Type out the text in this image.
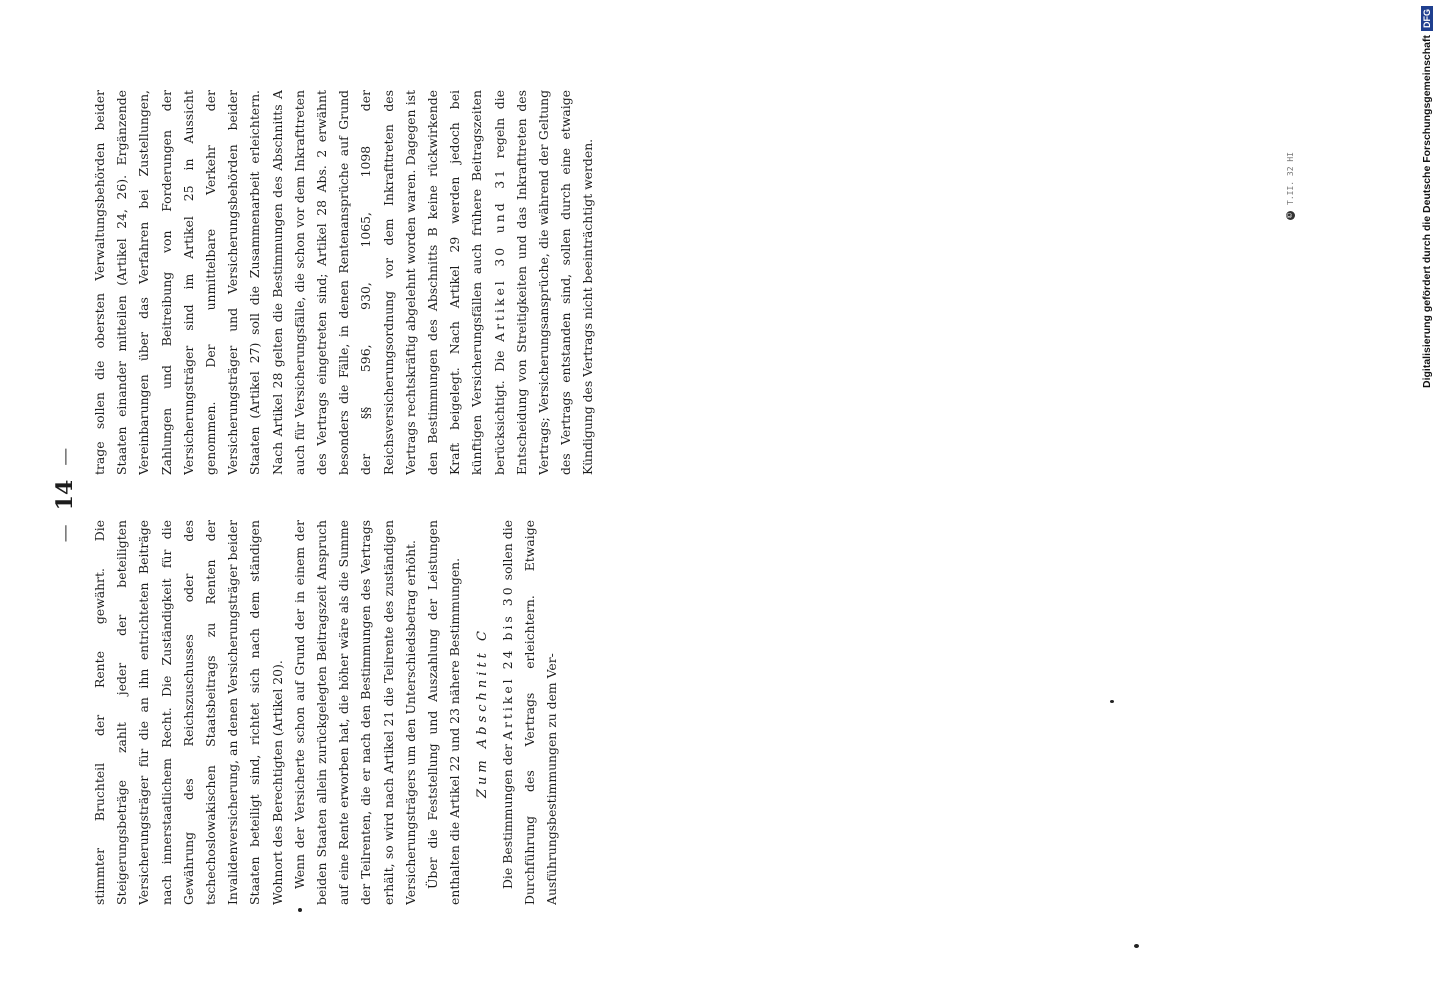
—
14
—

stimmter Bruchteil der Rente gewährt. Die Steigerungsbeträge zahlt jeder der beteiligten Versicherungsträger für die an ihn entrichteten Beiträge nach innerstaatlichem Recht. Die Zuständigkeit für die Gewährung des Reichszuschusses oder des tschechoslowakischen Staatsbeitrags zu Renten der Invalidenversicherung, an denen Versicherungsträger beider Staaten beteiligt sind, richtet sich nach dem ständigen Wohnort des Berechtigten (Artikel 20). Wenn der Versicherte schon auf Grund der in einem der beiden Staaten allein zurückgelegten Beitragszeit Anspruch auf eine Rente erworben hat, die höher wäre als die Summe der Teilrenten, die er nach den Bestimmungen des Vertrags erhält, so wird nach Artikel 21 die Teilrente des zuständigen Versicherungsträgers um den Unterschiedsbetrag erhöht. Über die Feststellung und Auszahlung der Leistungen enthalten die Artikel 22 und 23 nähere Bestimmungen.	Zum Abschnitt C

Die Bestimmungen der Artikel 24 bis 30 sollen die Durchführung des Vertrags erleichtern. Etwaige Ausführungsbestimmungen zu dem Ver-

trage sollen die obersten Verwaltungsbehörden beider Staaten einander mitteilen (Artikel 24, 26). Ergänzende Vereinbarungen über das Verfahren bei Zustellungen, Zahlungen und Beitreibung von Forderungen der Versicherungsträger sind im Artikel 25 in Aussicht genommen. Der unmittelbare Verkehr der Versicherungsträger und Versicherungsbehörden beider Staaten (Artikel 27) soll die Zusammenarbeit erleichtern. Nach Artikel 28 gelten die Bestimmungen des Abschnitts A auch für Versicherungsfälle, die schon vor dem Inkrafttreten des Vertrags eingetreten sind; Artikel 28 Abs. 2 erwähnt besonders die Fälle, in denen Rentenansprüche auf Grund der §§ 596, 930, 1065, 1098 der Reichsversicherungsordnung vor dem Inkrafttreten des Vertrags rechtskräftig abgelehnt worden waren. Dagegen ist den Bestimmungen des Abschnitts B keine rückwirkende Kraft beigelegt. Nach Artikel 29 werden jedoch bei künftigen Versicherungsfällen auch frühere Beitragszeiten berücksichtigt. Die Artikel 30 und 31 regeln die Entscheidung von Streitigkeiten und das Inkrafttreten des Vertrags; Versicherungsansprüche, die während der Geltung des Vertrags entstanden sind, sollen durch eine etwaige Kündigung des Vertrags nicht beeinträchtigt werden.	©
T.II. 32 HI	Digitalisierung gefördert durch die Deutsche Forschungsgemeinschaft
DFG
